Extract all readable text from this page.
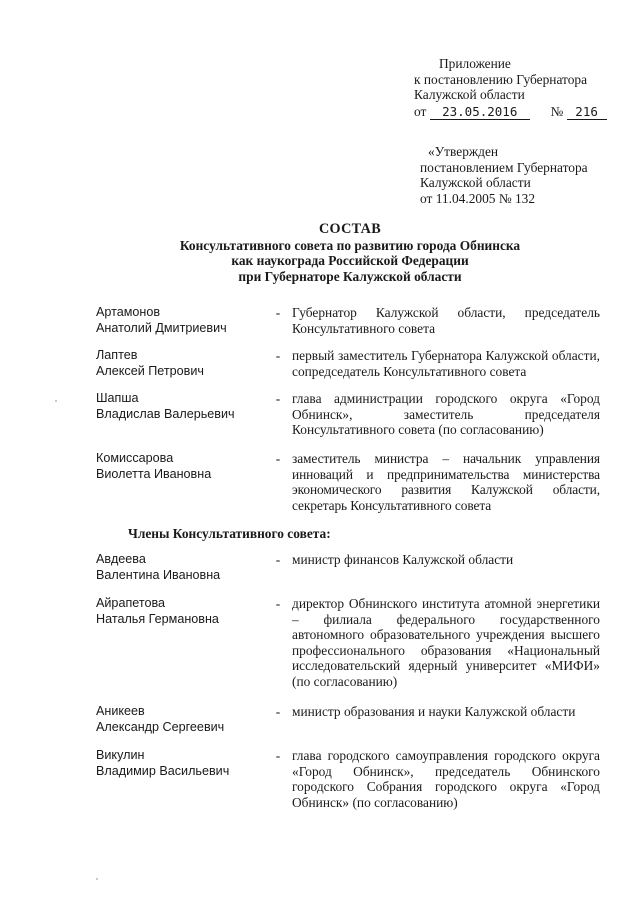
Приложение
к постановлению Губернатора
Калужской области
от 23.05.2016 № 216
«Утвержден
постановлением Губернатора
Калужской области
от 11.04.2005 № 132
СОСТАВ
Консультативного совета по развитию города Обнинска
как наукограда Российской Федерации
при Губернаторе Калужской области
Артамонов
Анатолий Дмитриевич
- Губернатор Калужской области, председатель Консультативного совета
Лаптев
Алексей Петрович
- первый заместитель Губернатора Калужской области, сопредседатель Консультативного совета
Шапша
Владислав Валерьевич
- глава администрации городского округа «Город Обнинск», заместитель председателя Консультативного совета (по согласованию)
Комиссарова
Виолетта Ивановна
- заместитель министра – начальник управления инноваций и предпринимательства министерства экономического развития Калужской области, секретарь Консультативного совета
Члены Консультативного совета:
Авдеева
Валентина Ивановна
- министр финансов Калужской области
Айрапетова
Наталья Германовна
- директор Обнинского института атомной энергетики – филиала федерального государственного автономного образовательного учреждения высшего профессионального образования «Национальный исследовательский ядерный университет «МИФИ» (по согласованию)
Аникеев
Александр Сергеевич
- министр образования и науки Калужской области
Викулин
Владимир Васильевич
- глава городского самоуправления городского округа «Город Обнинск», председатель Обнинского городского Собрания городского округа «Город Обнинск» (по согласованию)
